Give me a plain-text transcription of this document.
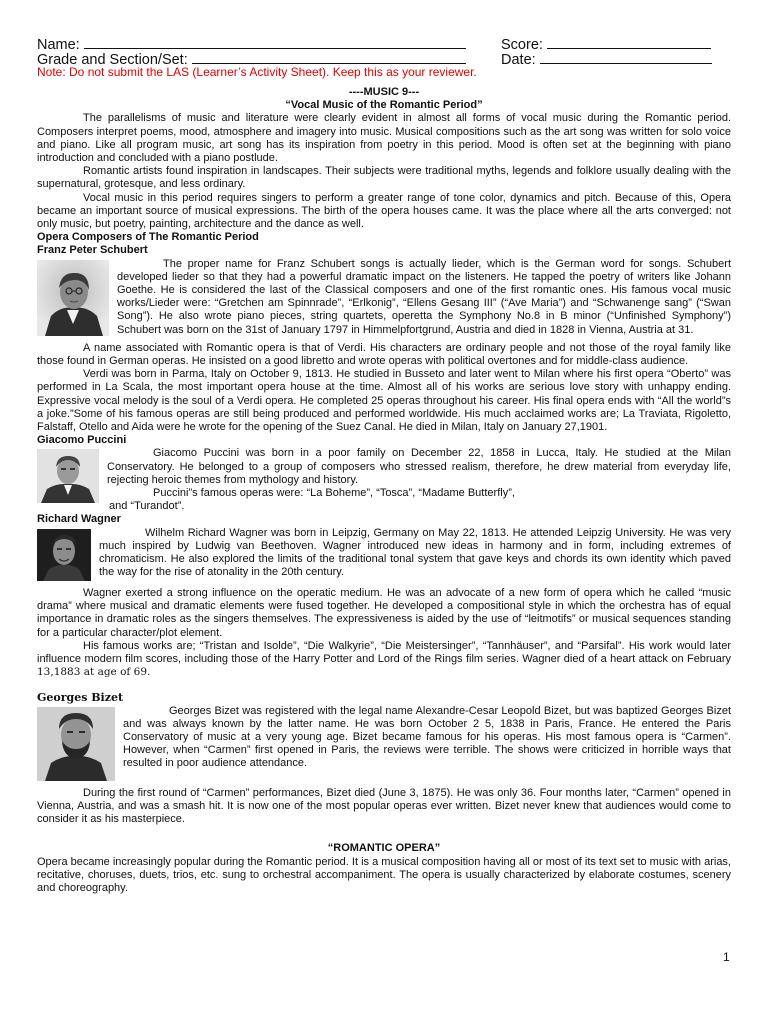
Name:
Grade and Section/Set:
Score:
Date:
Note: Do not submit the LAS (Learner’s Activity Sheet). Keep this as your reviewer.
----MUSIC 9---
“Vocal Music of the Romantic Period”

The parallelisms of music and literature were clearly evident in almost all forms of vocal music during the Romantic period. Composers interpret poems, mood, atmosphere and imagery into music. Musical compositions such as the art song was written for solo voice and piano. Like all program music, art song has its inspiration from poetry in this period. Mood is often set at the beginning with piano introduction and concluded with a piano postlude.

Romantic artists found inspiration in landscapes. Their subjects were traditional myths, legends and folklore usually dealing with the supernatural, grotesque, and less ordinary.

Vocal music in this period requires singers to perform a greater range of tone color, dynamics and pitch. Because of this, Opera became an important source of musical expressions. The birth of the opera houses came. It was the place where all the arts converged: not only music, but poetry, painting, architecture and the dance as well.

Opera Composers of The Romantic Period
Franz Peter Schubert

The proper name for Franz Schubert songs is actually lieder, which is the German word for songs. Schubert developed lieder so that they had a powerful dramatic impact on the listeners. He tapped the poetry of writers like Johann Goethe. He is considered the last of the Classical composers and one of the first romantic ones. His famous vocal music works/Lieder were: “Gretchen am Spinnrade”, “Erlkonig”, “Ellens Gesang III” (“Ave Maria”) and “Schwanenge sang” (“Swan Song”). He also wrote piano pieces, string quartets, operetta the Symphony No.8 in B minor (“Unfinished Symphony”) Schubert was born on the 31st of January 1797 in Himmelpfortgrund, Austria and died in 1828 in Vienna, Austria at 31.

A name associated with Romantic opera is that of Verdi. His characters are ordinary people and not those of the royal family like those found in German operas. He insisted on a good libretto and wrote operas with political overtones and for middle-class audience.

Verdi was born in Parma, Italy on October 9, 1813. He studied in Busseto and later went to Milan where his first opera “Oberto” was performed in La Scala, the most important opera house at the time. Almost all of his works are serious love story with unhappy ending. Expressive vocal melody is the soul of a Verdi opera. He completed 25 operas throughout his career. His final opera ends with “All the world”s a joke.”Some of his famous operas are still being produced and performed worldwide. His much acclaimed works are; La Traviata, Rigoletto, Falstaff, Otello and Aida were he wrote for the opening of the Suez Canal. He died in Milan, Italy on January 27,1901.

Giacomo Puccini

Giacomo Puccini was born in a poor family on December 22, 1858 in Lucca, Italy. He studied at the Milan Conservatory. He belonged to a group of composers who stressed realism, therefore, he drew material from everyday life, rejecting heroic themes from mythology and history.

Puccini”s famous operas were: “La Boheme”, “Tosca”, “Madame Butterfly”,

and “Turandot”.

Richard Wagner

Wilhelm Richard Wagner was born in Leipzig, Germany on May 22, 1813. He attended Leipzig University. He was very much inspired by Ludwig van Beethoven. Wagner introduced new ideas in harmony and in form, including extremes of chromaticism. He also explored the limits of the traditional tonal system that gave keys and chords its own identity which paved the way for the rise of atonality in the 20th century.

Wagner exerted a strong influence on the operatic medium. He was an advocate of a new form of opera which he called “music drama” where musical and dramatic elements were fused together. He developed a compositional style in which the orchestra has of equal importance in dramatic roles as the singers themselves. The expressiveness is aided by the use of “leitmotifs” or musical sequences standing for a particular character/plot element.

His famous works are; “Tristan and Isolde”, “Die Walkyrie”, “Die Meistersinger”, “Tannhäuser”, and “Parsifal”. His work would later influence modern film scores, including those of the Harry Potter and Lord of the Rings film series. Wagner died of a heart attack on February 13,1883 at age of 69.

Georges Bizet

Georges Bizet was registered with the legal name Alexandre-Cesar Leopold Bizet, but was baptized Georges Bizet and was always known by the latter name. He was born October 2 5, 1838 in Paris, France. He entered the Paris Conservatory of music at a very young age. Bizet became famous for his operas. His most famous opera is “Carmen”. However, when “Carmen” first opened in Paris, the reviews were terrible. The shows were criticized in horrible ways that resulted in poor audience attendance.

During the first round of “Carmen” performances, Bizet died (June 3, 1875). He was only 36. Four months later, “Carmen” opened in Vienna, Austria, and was a smash hit. It is now one of the most popular operas ever written. Bizet never knew that audiences would come to consider it as his masterpiece.

“ROMANTIC OPERA”

Opera became increasingly popular during the Romantic period. It is a musical composition having all or most of its text set to music with arias, recitative, choruses, duets, trios, etc. sung to orchestral accompaniment. The opera is usually characterized by elaborate costumes, scenery and choreography.

1
